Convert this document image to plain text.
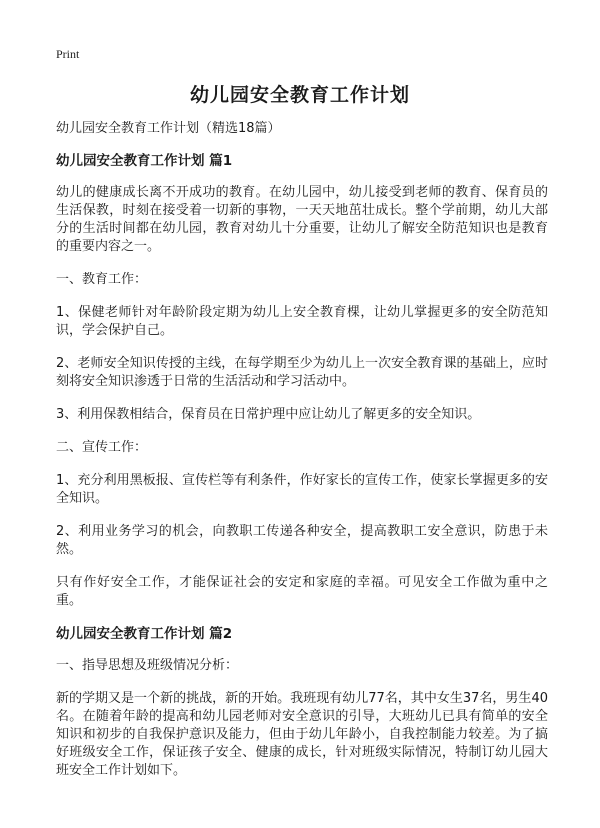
Print
幼儿园安全教育工作计划

幼儿园安全教育工作计划（精选18篇）

幼儿园安全教育工作计划 篇1

幼儿的健康成长离不开成功的教育。在幼儿园中，幼儿接受到老师的教育、保育员的生活保教，时刻在接受着一切新的事物，一天天地茁壮成长。整个学前期，幼儿大部分的生活时间都在幼儿园，教育对幼儿十分重要，让幼儿了解安全防范知识也是教育的重要内容之一。

一、教育工作：

1、保健老师针对年龄阶段定期为幼儿上安全教育棵，让幼儿掌握更多的安全防范知识，学会保护自己。

2、老师安全知识传授的主线，在每学期至少为幼儿上一次安全教育课的基础上，应时刻将安全知识渗透于日常的生活活动和学习活动中。

3、利用保教相结合，保育员在日常护理中应让幼儿了解更多的安全知识。

二、宣传工作：

1、充分利用黑板报、宣传栏等有利条件，作好家长的宣传工作，使家长掌握更多的安全知识。

2、利用业务学习的机会，向教职工传递各种安全，提高教职工安全意识，防患于未然。

只有作好安全工作，才能保证社会的安定和家庭的幸福。可见安全工作做为重中之重。

幼儿园安全教育工作计划 篇2

一、指导思想及班级情况分析：

新的学期又是一个新的挑战，新的开始。我班现有幼儿77名，其中女生37名，男生40名。在随着年龄的提高和幼儿园老师对安全意识的引导，大班幼儿已具有简单的安全知识和初步的自我保护意识及能力，但由于幼儿年龄小，自我控制能力较差。为了搞好班级安全工作，保证孩子安全、健康的成长，针对班级实际情况，特制订幼儿园大班安全工作计划如下。
